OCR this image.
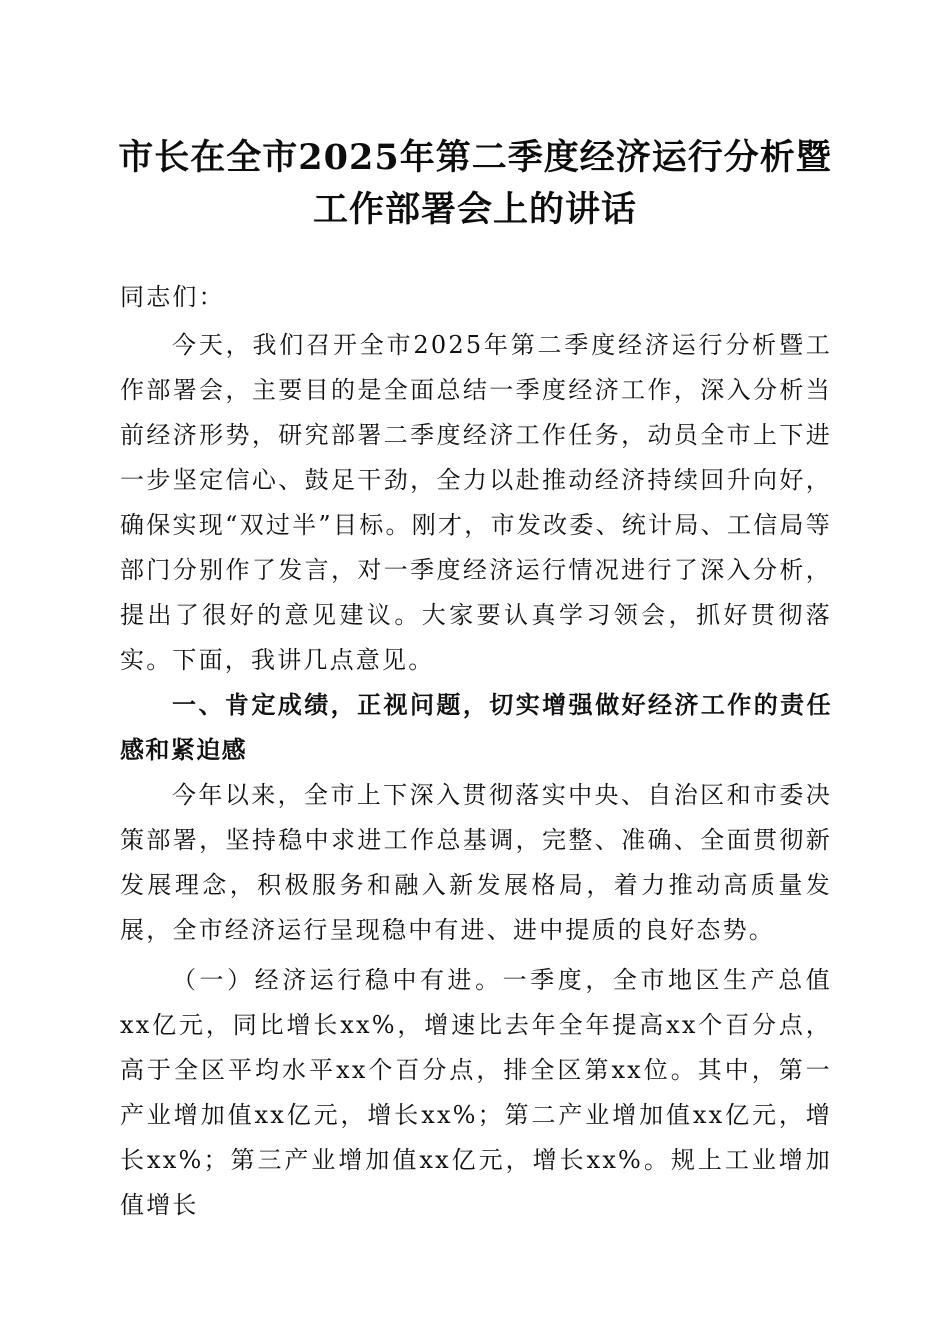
市长在全市2025年第二季度经济运行分析暨
工作部署会上的讲话

同志们：

今天，我们召开全市2025年第二季度经济运行分析暨工作部署会，主要目的是全面总结一季度经济工作，深入分析当前经济形势，研究部署二季度经济工作任务，动员全市上下进一步坚定信心、鼓足干劲，全力以赴推动经济持续回升向好，确保实现“双过半”目标。刚才，市发改委、统计局、工信局等部门分别作了发言，对一季度经济运行情况进行了深入分析，提出了很好的意见建议。大家要认真学习领会，抓好贯彻落实。下面，我讲几点意见。

一、肯定成绩，正视问题，切实增强做好经济工作的责任感和紧迫感

今年以来，全市上下深入贯彻落实中央、自治区和市委决策部署，坚持稳中求进工作总基调，完整、准确、全面贯彻新发展理念，积极服务和融入新发展格局，着力推动高质量发展，全市经济运行呈现稳中有进、进中提质的良好态势。

（一）经济运行稳中有进。一季度，全市地区生产总值xx亿元，同比增长xx%，增速比去年全年提高xx个百分点，高于全区平均水平xx个百分点，排全区第xx位。其中，第一产业增加值xx亿元，增长xx%；第二产业增加值xx亿元，增长xx%；第三产业增加值xx亿元，增长xx%。规上工业增加值增长
